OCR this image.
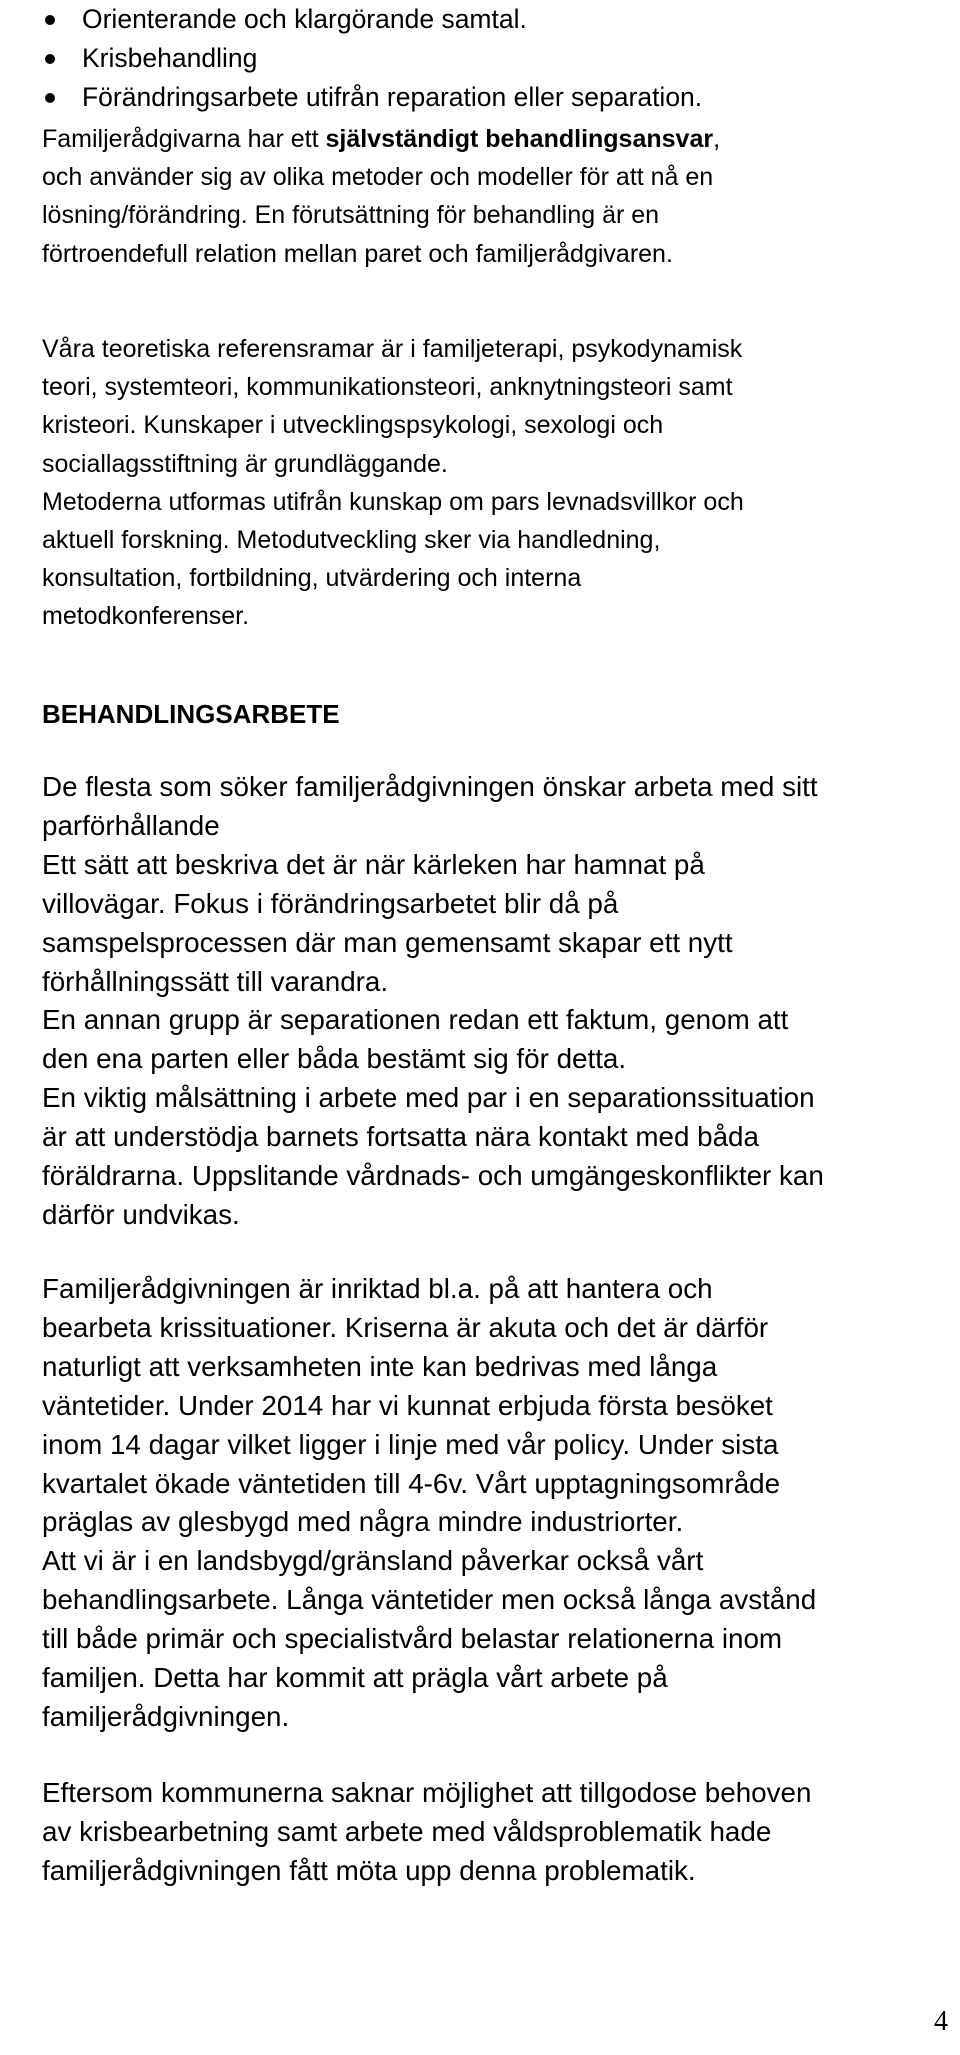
Orienterande och klargörande samtal.
Krisbehandling
Förändringsarbete utifrån reparation eller separation.
Familjerådgivarna har ett självständigt behandlingsansvar,
och använder sig av olika metoder och modeller för att nå en
lösning/förändring. En förutsättning för behandling är en
förtroendefull relation mellan paret och familjerådgivaren.
Våra teoretiska referensramar är i familjeterapi, psykodynamisk
teori, systemteori, kommunikationsteori, anknytningsteori samt
kristeori. Kunskaper i utvecklingspsykologi, sexologi och
sociallagsstiftning är grundläggande.
Metoderna utformas utifrån kunskap om pars levnadsvillkor och
aktuell forskning. Metodutveckling sker via handledning,
konsultation, fortbildning, utvärdering och interna
metodkonferenser.
BEHANDLINGSARBETE
De flesta som söker familjerådgivningen önskar arbeta med sitt
parförhållande
Ett sätt att beskriva det är när kärleken har hamnat på
villovägar. Fokus i förändringsarbetet blir då på
samspelsprocessen där man gemensamt skapar ett nytt
förhållningssätt till varandra.
En annan grupp är separationen redan ett faktum, genom att
den ena parten eller båda bestämt sig för detta.
En viktig målsättning i arbete med par i en separationssituation
är att understödja barnets fortsatta nära kontakt med båda
föräldrarna. Uppslitande vårdnads- och umgängeskonflikter kan
därför undvikas.
Familjerådgivningen är inriktad bl.a. på att hantera och
bearbeta krissituationer. Kriserna är akuta och det är därför
naturligt att verksamheten inte kan bedrivas med långa
väntetider. Under 2014 har vi kunnat erbjuda första besöket
inom 14 dagar vilket ligger i linje med vår policy. Under sista
kvartalet ökade väntetiden till 4-6v. Vårt upptagningsområde
präglas av glesbygd med några mindre industriorter.
Att vi är i en landsbygd/gränsland påverkar också vårt
behandlingsarbete. Långa väntetider men också långa avstånd
till både primär och specialistvård belastar relationerna inom
familjen. Detta har kommit att prägla vårt arbete på
familjerådgivningen.
Eftersom kommunerna saknar möjlighet att tillgodose behoven
av krisbearbetning samt arbete med våldsproblematik hade
familjerådgivningen fått möta upp denna problematik.
4
